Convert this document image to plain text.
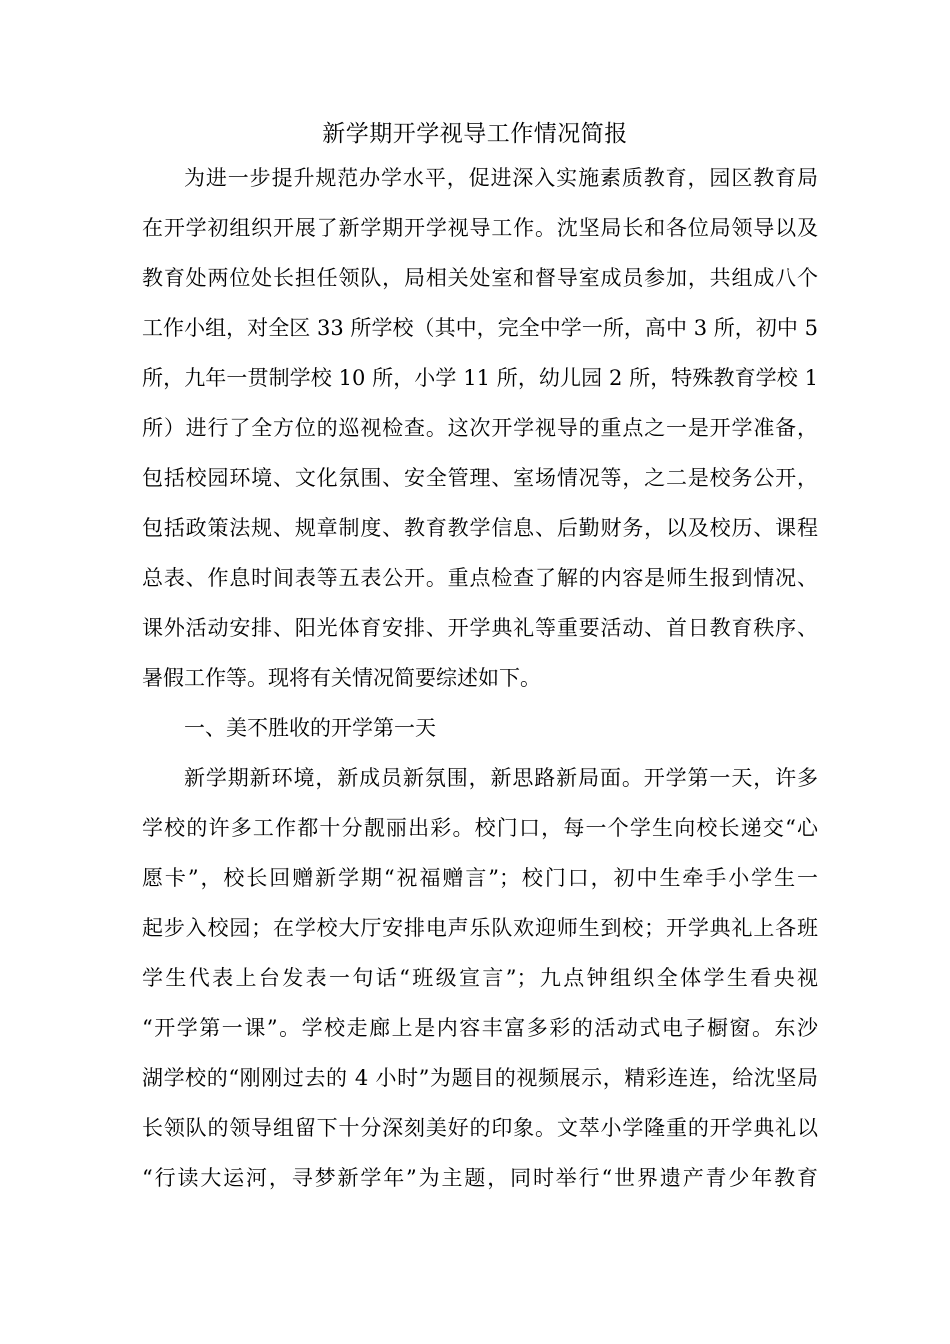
新学期开学视导工作情况简报
为进一步提升规范办学水平，促进深入实施素质教育，园区教育局
在开学初组织开展了新学期开学视导工作。沈坚局长和各位局领导以及
教育处两位处长担任领队，局相关处室和督导室成员参加，共组成八个
工作小组，对全区 33 所学校（其中，完全中学一所，高中 3 所，初中 5
所，九年一贯制学校 10 所，小学 11 所，幼儿园 2 所，特殊教育学校 1
所）进行了全方位的巡视检查。这次开学视导的重点之一是开学准备，
包括校园环境、文化氛围、安全管理、室场情况等，之二是校务公开，
包括政策法规、规章制度、教育教学信息、后勤财务，以及校历、课程
总表、作息时间表等五表公开。重点检查了解的内容是师生报到情况、
课外活动安排、阳光体育安排、开学典礼等重要活动、首日教育秩序、
暑假工作等。现将有关情况简要综述如下。
一、美不胜收的开学第一天
新学期新环境，新成员新氛围，新思路新局面。开学第一天，许多
学校的许多工作都十分靓丽出彩。校门口，每一个学生向校长递交“心
愿卡”，校长回赠新学期“祝福赠言”；校门口，初中生牵手小学生一
起步入校园；在学校大厅安排电声乐队欢迎师生到校；开学典礼上各班
学生代表上台发表一句话“班级宣言”；九点钟组织全体学生看央视
“开学第一课”。学校走廊上是内容丰富多彩的活动式电子橱窗。东沙
湖学校的“刚刚过去的 4 小时”为题目的视频展示，精彩连连，给沈坚局
长领队的领导组留下十分深刻美好的印象。文萃小学隆重的开学典礼以
“行读大运河，寻梦新学年”为主题，同时举行“世界遗产青少年教育
